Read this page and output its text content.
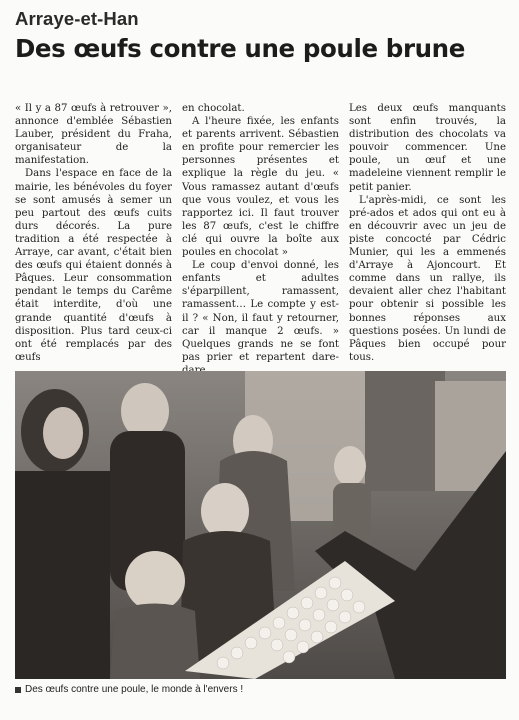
Arraye-et-Han
Des œufs contre une poule brune

« Il y a 87 œufs à retrouver », annonce d'emblée Sébastien Lauber, président du Fraha, organisateur de la manifestation.

Dans l'espace en face de la mairie, les bénévoles du foyer se sont amusés à semer un peu partout des œufs cuits durs décorés. La pure tradition a été respectée à Arraye, car avant, c'était bien des œufs qui étaient donnés à Pâques. Leur consommation pendant le temps du Carême était interdite, d'où une grande quantité d'œufs à disposition. Plus tard ceux-ci ont été remplacés par des œufs

en chocolat.

A l'heure fixée, les enfants et parents arrivent. Sébastien en profite pour remercier les personnes présentes et explique la règle du jeu. « Vous ramassez autant d'œufs que vous voulez, et vous les rapportez ici. Il faut trouver les 87 œufs, c'est le chiffre clé qui ouvre la boîte aux poules en chocolat »

Le coup d'envoi donné, les enfants et adultes s'éparpillent, ramassent, ramassent… Le compte y est-il ? « Non, il faut y retourner, car il manque 2 œufs. » Quelques grands ne se font pas prier et repartent dare-

Les deux œufs manquants sont enfin trouvés, la distribution des chocolats va pouvoir commencer. Une poule, un œuf et une madeleine viennent remplir le petit panier.

L'après-midi, ce sont les pré-ados et ados qui ont eu à en découvrir avec un jeu de piste concocté par Cédric Munier, qui les a emmenés d'Arraye à Ajoncourt. Et comme dans un rallye, ils devaient aller chez l'habitant pour obtenir si possible les bonnes réponses aux questions posées. Un lundi de Pâques bien occupé pour tous.

Des œufs contre une poule, le monde à l'envers !
